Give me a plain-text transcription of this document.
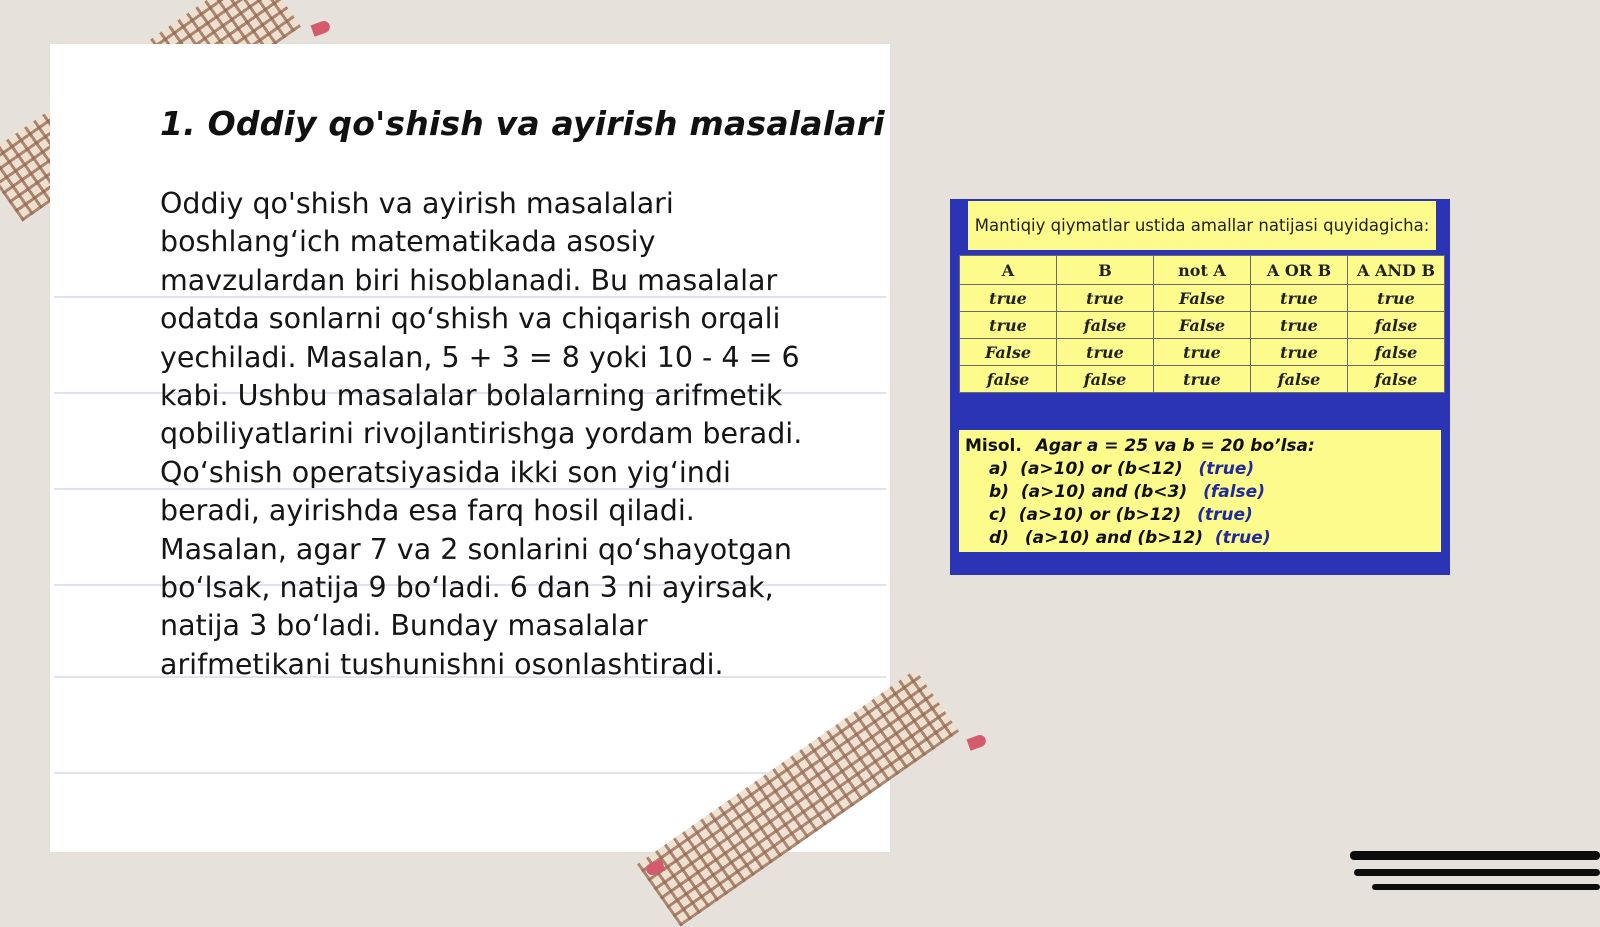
1. Oddiy qo'shish va ayirish masalalari
Oddiy qo'shish va ayirish masalalari
boshlang‘ich matematikada asosiy
mavzulardan biri hisoblanadi. Bu masalalar
odatda sonlarni qo‘shish va chiqarish orqali
yechiladi. Masalan, 5 + 3 = 8 yoki 10 - 4 = 6
kabi. Ushbu masalalar bolalarning arifmetik
qobiliyatlarini rivojlantirishga yordam beradi.
Qo‘shish operatsiyasida ikki son yig‘indi
beradi, ayirishda esa farq hosil qiladi.
Masalan, agar 7 va 2 sonlarini qo‘shayotgan
bo‘lsak, natija 9 bo‘ladi. 6 dan 3 ni ayirsak,
natija 3 bo‘ladi. Bunday masalalar
arifmetikani tushunishni osonlashtiradi.
Mantiqiy qiymatlar ustida amallar natijasi quyidagicha:
A	B	not A	A OR B	A AND B
true	true	False	true	true
true	false	False	true	false
False	true	true	true	false
false	false	true	false	false
Misol. Agar a = 25 va b = 20 bo’lsa:
a) (a>10) or (b<12) (true)
b) (a>10) and (b<3) (false)
c) (a>10) or (b>12) (true)
d) (a>10) and (b>12) (true)
